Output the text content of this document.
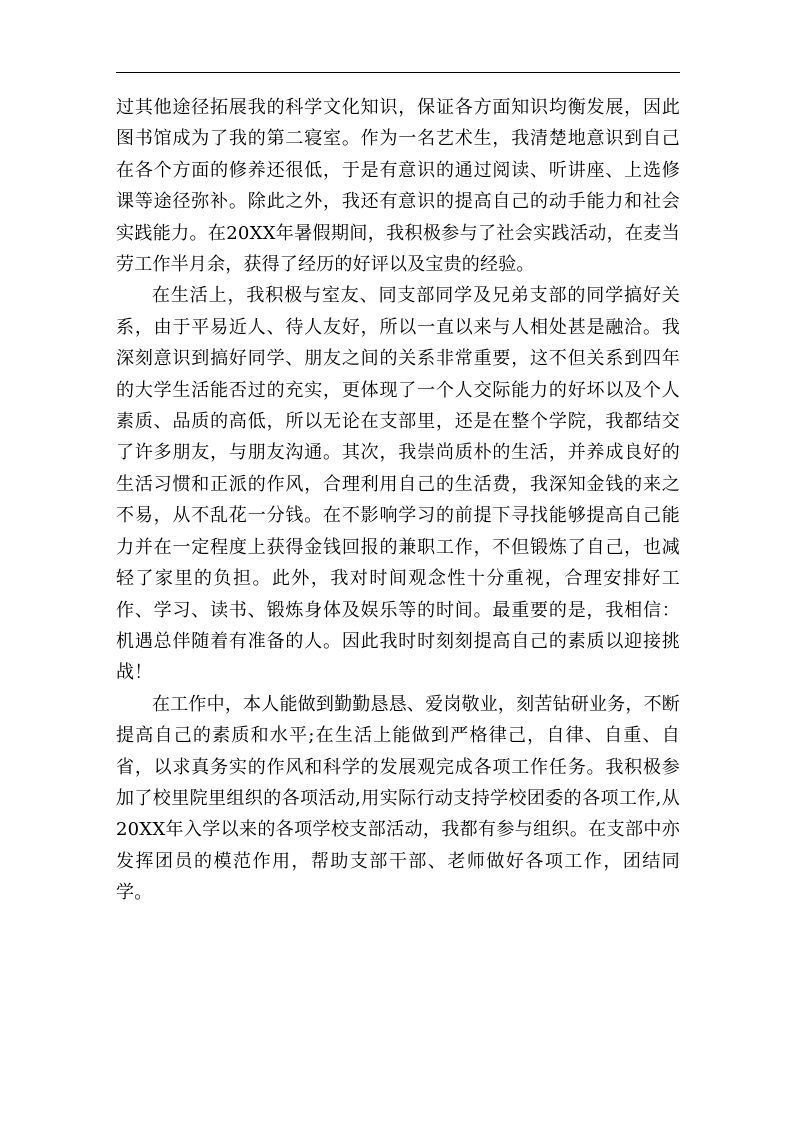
过其他途径拓展我的科学文化知识，保证各方面知识均衡发展，因此图书馆成为了我的第二寝室。作为一名艺术生，我清楚地意识到自己在各个方面的修养还很低，于是有意识的通过阅读、听讲座、上选修课等途径弥补。除此之外，我还有意识的提高自己的动手能力和社会实践能力。在20XX年暑假期间，我积极参与了社会实践活动，在麦当劳工作半月余，获得了经历的好评以及宝贵的经验。

在生活上，我积极与室友、同支部同学及兄弟支部的同学搞好关系，由于平易近人、待人友好，所以一直以来与人相处甚是融洽。我深刻意识到搞好同学、朋友之间的关系非常重要，这不但关系到四年的大学生活能否过的充实，更体现了一个人交际能力的好坏以及个人素质、品质的高低，所以无论在支部里，还是在整个学院，我都结交了许多朋友，与朋友沟通。其次，我崇尚质朴的生活，并养成良好的生活习惯和正派的作风，合理利用自己的生活费，我深知金钱的来之不易，从不乱花一分钱。在不影响学习的前提下寻找能够提高自己能力并在一定程度上获得金钱回报的兼职工作，不但锻炼了自己，也减轻了家里的负担。此外，我对时间观念性十分重视，合理安排好工作、学习、读书、锻炼身体及娱乐等的时间。最重要的是，我相信：机遇总伴随着有准备的人。因此我时时刻刻提高自己的素质以迎接挑战！

在工作中，本人能做到勤勤恳恳、爱岗敬业，刻苦钻研业务，不断提高自己的素质和水平;在生活上能做到严格律己，自律、自重、自省，以求真务实的作风和科学的发展观完成各项工作任务。我积极参加了校里院里组织的各项活动,用实际行动支持学校团委的各项工作,从20XX年入学以来的各项学校支部活动，我都有参与组织。在支部中亦发挥团员的模范作用，帮助支部干部、老师做好各项工作，团结同学。
